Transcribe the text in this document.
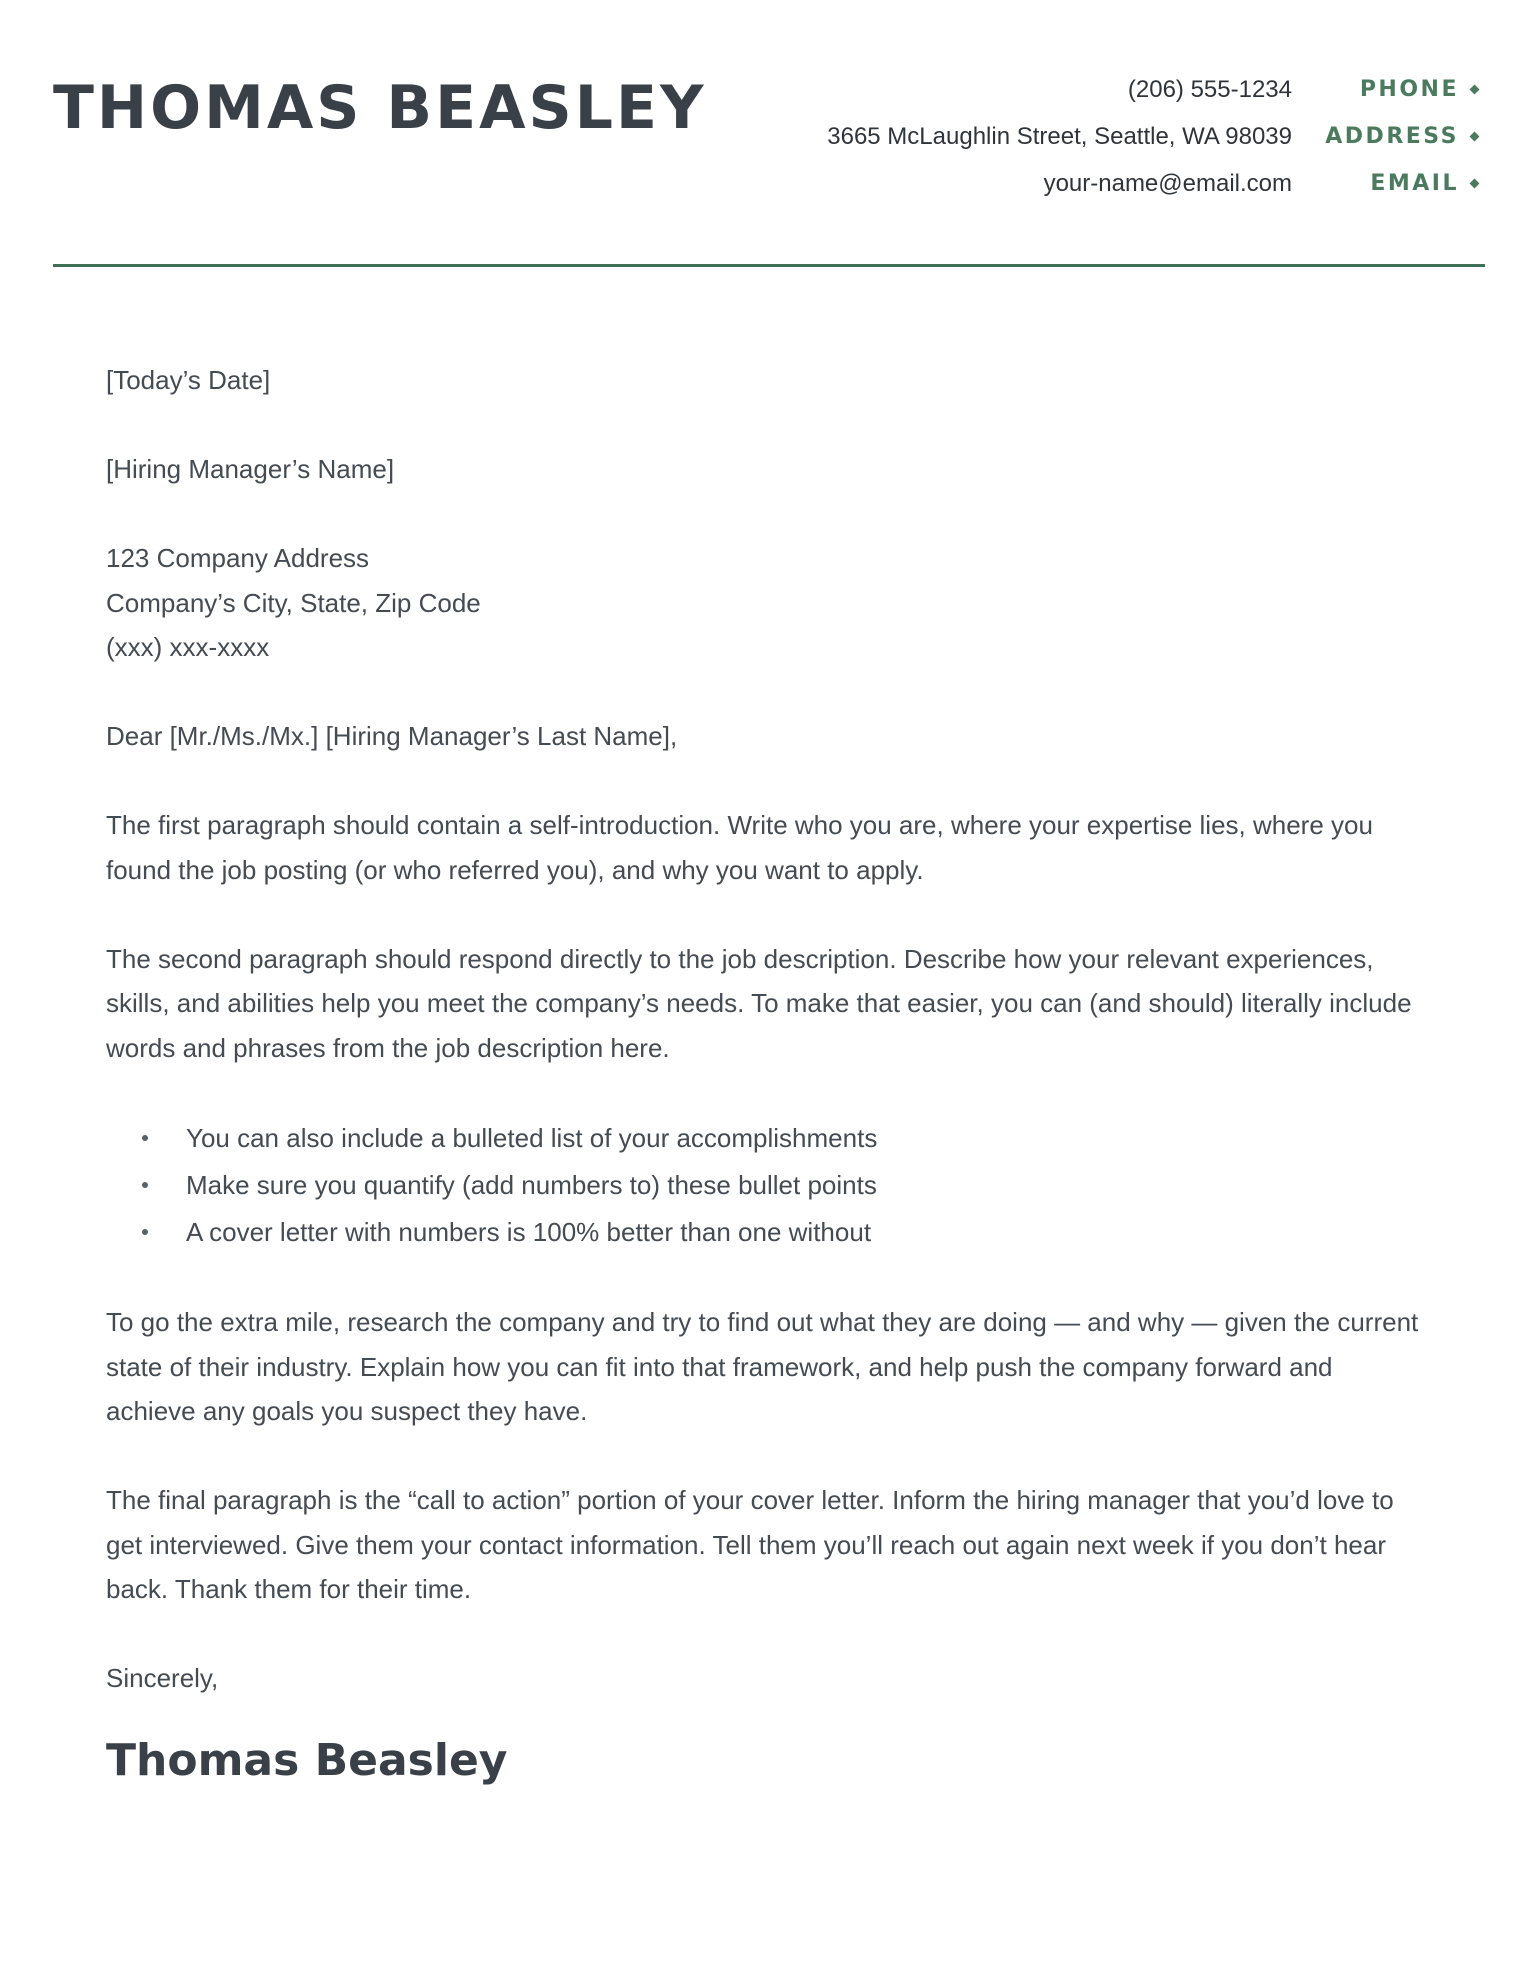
THOMAS BEASLEY	(206) 555-1234	PHONE
3665 McLaughlin Street, Seattle, WA 98039 ADDRESS
your-name@email.com	EMAIL

[Today’s Date]

[Hiring Manager’s Name]

123 Company Address
Company’s City, State, Zip Code
(xxx) xxx-xxxx

Dear [Mr./Ms./Mx.] [Hiring Manager’s Last Name],

The first paragraph should contain a self-introduction. Write who you are, where your expertise lies, where you found the job posting (or who referred you), and why you want to apply.

The second paragraph should respond directly to the job description. Describe how your relevant experiences, skills, and abilities help you meet the company’s needs. To make that easier, you can (and should) literally include words and phrases from the job description here.

You can also include a bulleted list of your accomplishments
Make sure you quantify (add numbers to) these bullet points
A cover letter with numbers is 100% better than one without

To go the extra mile, research the company and try to find out what they are doing — and why — given the current state of their industry. Explain how you can fit into that framework, and help push the company forward and achieve any goals you suspect they have.

The final paragraph is the “call to action” portion of your cover letter. Inform the hiring manager that you’d love to get interviewed. Give them your contact information. Tell them you’ll reach out again next week if you don’t hear back. Thank them for their time.

Sincerely,

Thomas Beasley
